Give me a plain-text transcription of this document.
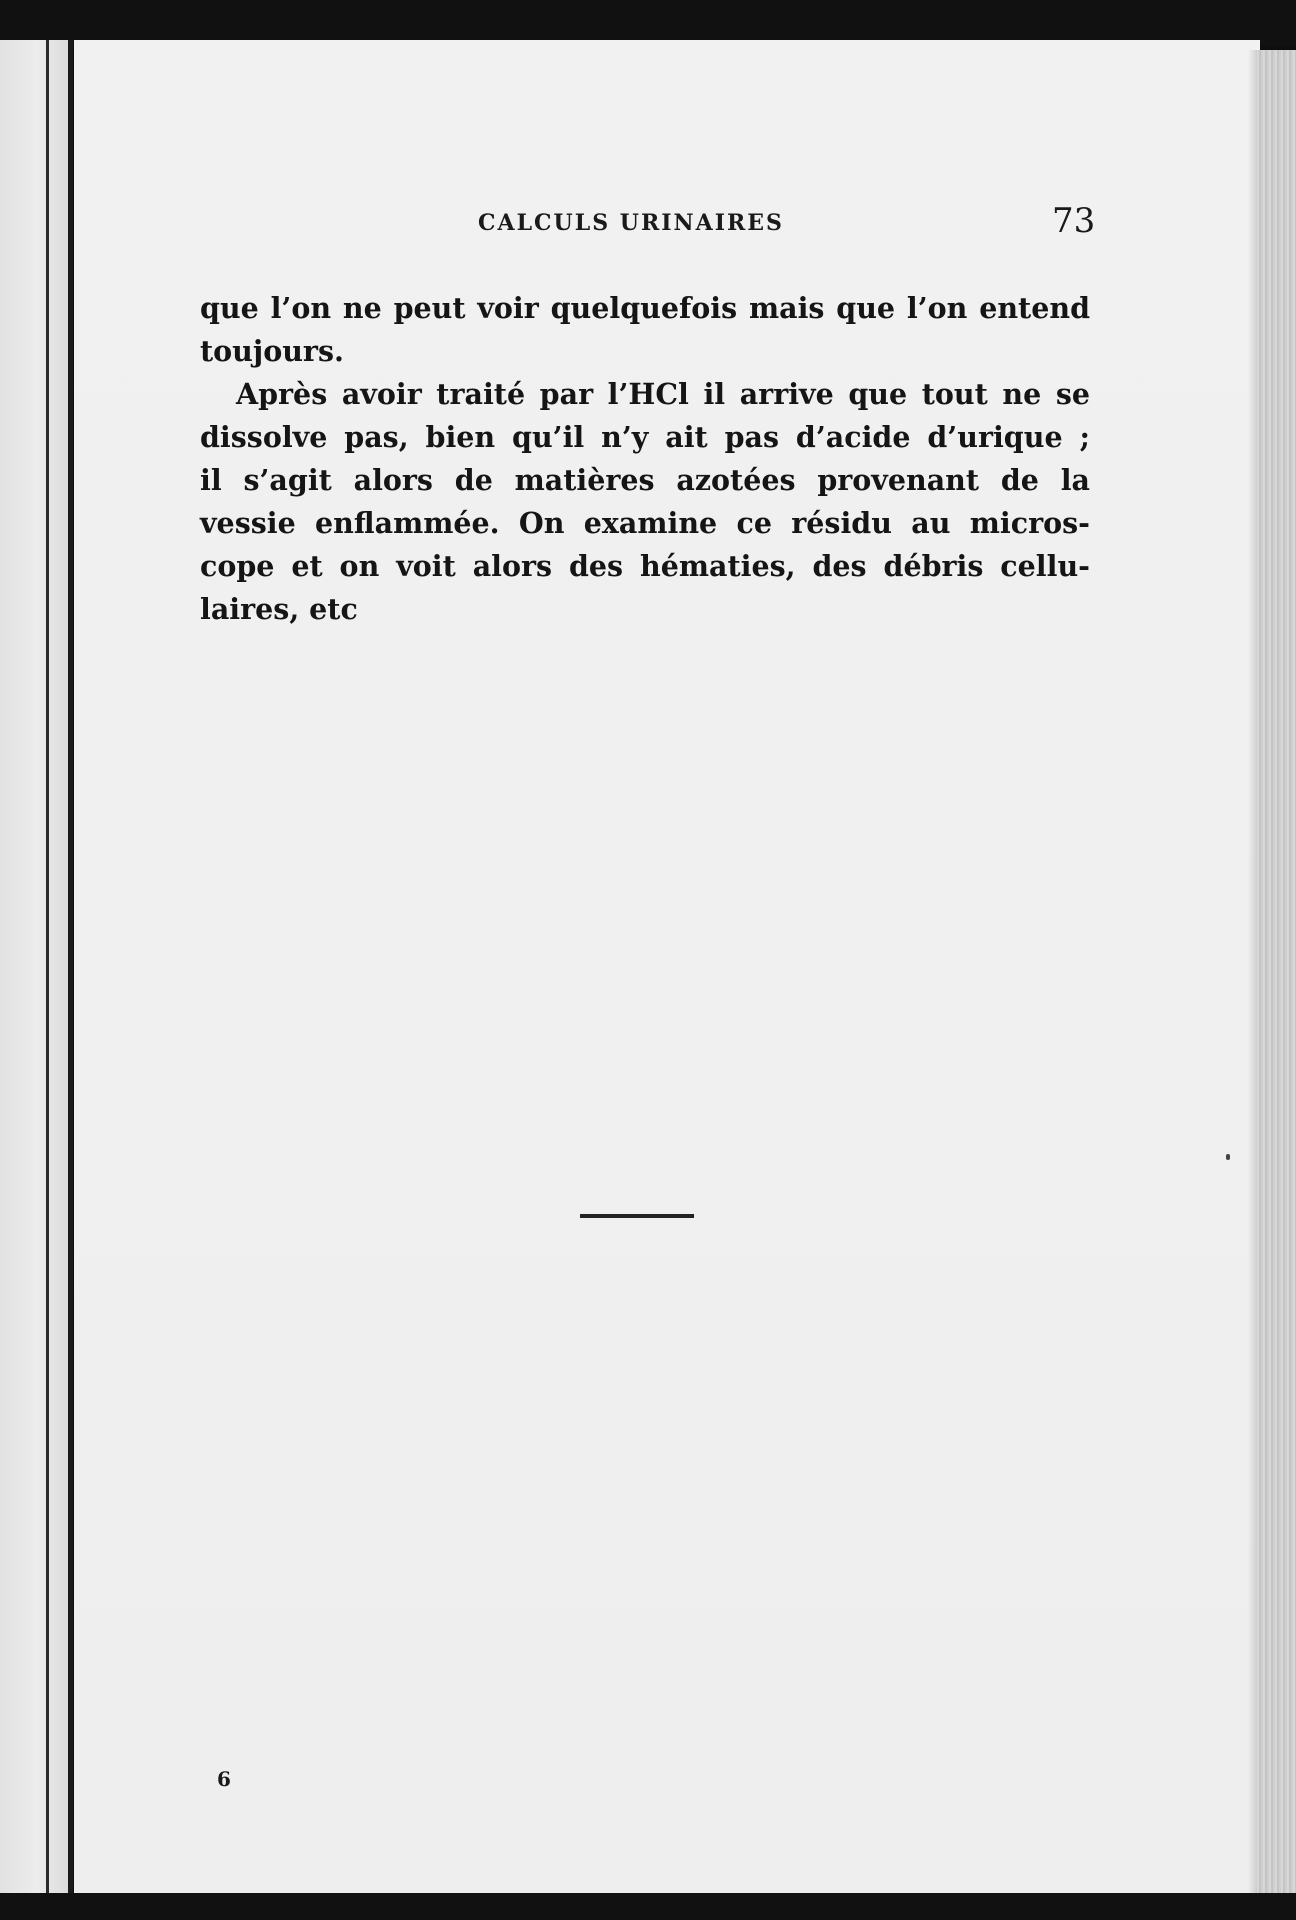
CALCULS URINAIRES	73
que l’on ne peut voir quelquefois mais que l’on entend
toujours.
Après avoir traité par l’HCl il arrive que tout ne se
dissolve pas, bien qu’il n’y ait pas d’acide d’urique ;
il s’agit alors de matières azotées provenant de la
vessie enflammée. On examine ce résidu au micros-
cope et on voit alors des hématies, des débris cellu-
laires, etc
6
